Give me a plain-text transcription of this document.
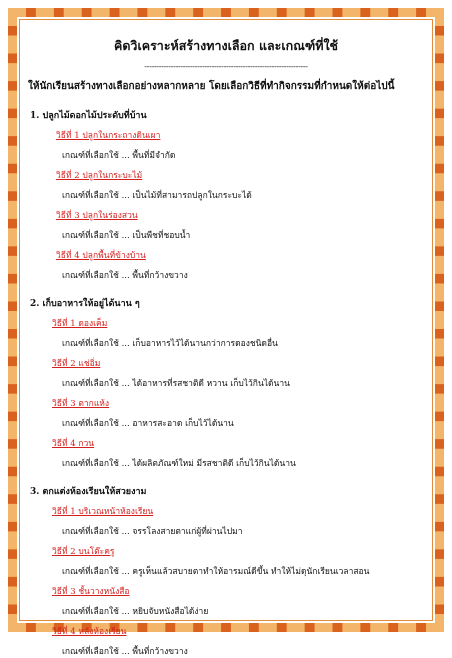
คิดวิเคราะห์สร้างทางเลือก และเกณฑ์ที่ใช้
--------------------------------------------------------------------
ให้นักเรียนสร้างทางเลือกอย่างหลากหลาย โดยเลือกวิธีที่ทำกิจกรรมที่กำหนดให้ต่อไปนี้
1. ปลูกไม้ดอกไม้ประดับที่บ้าน
วิธีที่ 1 ปลูกในกระถางดินเผา
เกณฑ์ที่เลือกใช้ ... พื้นที่มีจำกัด
วิธีที่ 2 ปลูกในกระบะไม้
เกณฑ์ที่เลือกใช้ ... เป็นไม้ที่สามารถปลูกในกระบะได้
วิธีที่ 3 ปลูกในร่องสวน
เกณฑ์ที่เลือกใช้ ... เป็นพืชที่ชอบน้ำ
วิธีที่ 4 ปลูกพื้นที่ข้างบ้าน
เกณฑ์ที่เลือกใช้ ... พื้นที่กว้างขวาง
2. เก็บอาหารให้อยู่ได้นาน ๆ
วิธีที่ 1 ดองเค็ม
เกณฑ์ที่เลือกใช้ ... เก็บอาหารไว้ได้นานกว่าการดองชนิดอื่น
วิธีที่ 2 แช่อิ่ม
เกณฑ์ที่เลือกใช้ ... ได้อาหารที่รสชาติดี หวาน เก็บไว้กินได้นาน
วิธีที่ 3 ตากแห้ง
เกณฑ์ที่เลือกใช้ ... อาหารสะอาด เก็บไว้ได้นาน
วิธีที่ 4 กวน
เกณฑ์ที่เลือกใช้ ... ได้ผลิตภัณฑ์ใหม่ มีรสชาติดี เก็บไว้กินได้นาน
3. ตกแต่งห้องเรียนให้สวยงาม
วิธีที่ 1 บริเวณหน้าห้องเรียน
เกณฑ์ที่เลือกใช้ ... จรรโลงสายตาแก่ผู้ที่ผ่านไปมา
วิธีที่ 2 บนโต๊ะครู
เกณฑ์ที่เลือกใช้ ... ครูเห็นแล้วสบายตาทำให้อารมณ์ดีขึ้น ทำให้ไม่ดุนักเรียนเวลาสอน
วิธีที่ 3 ชั้นวางหนังสือ
เกณฑ์ที่เลือกใช้ ... หยิบจับหนังสือได้ง่าย
วิธีที่ 4 หลังห้องเรียน
เกณฑ์ที่เลือกใช้ ... พื้นที่กว้างขวาง
